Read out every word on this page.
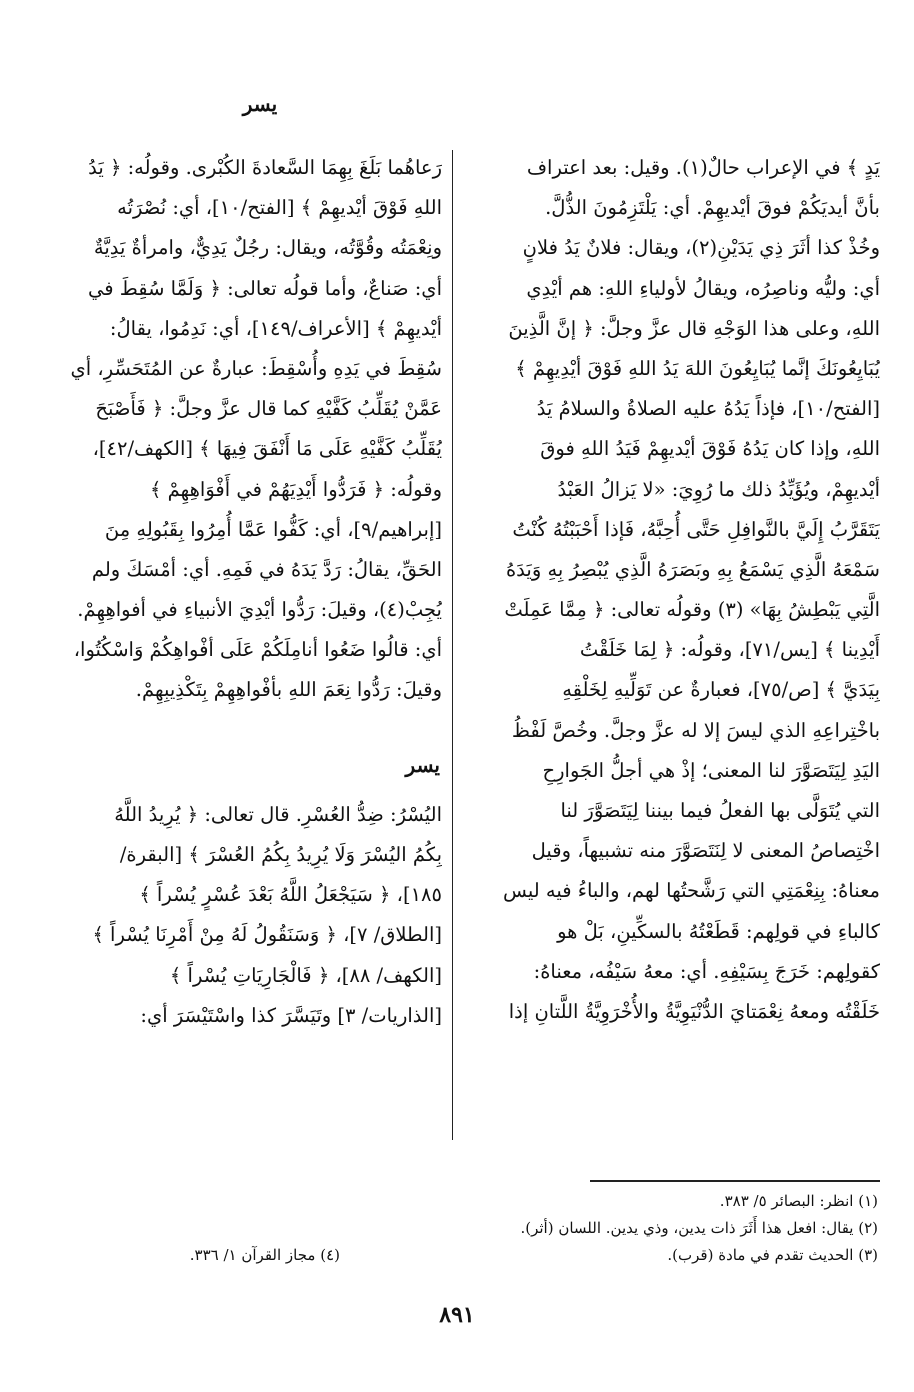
يسر
يَدٍ ﴾ في الإعراب حالٌ(١). وقيل: بعد اعتراف
بأنَّ أيديَكُمْ فوقَ أيْديهِمْ. أي: يَلْتَزِمُونَ الذُّلَّ.
وخُذْ كذا أثَرَ ذِي يَدَيْنِ(٢)، ويقال: فلانٌ يَدُ فلانٍ
أي: وليُّه وناصِرُه، ويقالُ لأولياءِ اللهِ: هم أيْدِي
اللهِ، وعلى هذا الوَجْهِ قال عزَّ وجلَّ: ﴿ إنَّ الَّذِينَ
يُبَايِعُونَكَ إنَّما يُبَايِعُونَ اللهَ يَدُ اللهِ فَوْقَ أيْدِيهِمْ ﴾
[الفتح/١٠]، فإذاً يَدُهُ عليه الصلاةُ والسلامُ يَدُ
اللهِ، وإذا كان يَدُهُ فَوْقَ أيْديهِمْ فَيَدُ اللهِ فوقَ
أيْديهِمْ، ويُؤَيِّدُ ذلك ما رُوِيَ: «لا يَزالُ العَبْدُ
يَتَقَرَّبُ إِلَيَّ بالنَّوافِلِ حَتَّى أُحِبَّهُ، فَإذا أَحْبَبْتُهُ كُنْتُ
سَمْعَهُ الَّذِي يَسْمَعُ بِهِ وبَصَرَهُ الَّذِي يُبْصِرُ بِهِ وَيَدَهُ
الَّتِي يَبْطِشُ بِهَا» (٣) وقولُه تعالى: ﴿ مِمَّا عَمِلَتْ
أَيْدِينا ﴾ [يس/٧١]، وقولُه: ﴿ لِمَا خَلَقْتُ
بِيَدَيَّ ﴾ [ص/٧٥]، فعبارةٌ عن تَوَلِّيهِ لِخَلْقِهِ
باخْتِراعِهِ الذي ليسَ إلا له عزَّ وجلَّ. وخُصَّ لَفْظُ
اليَدِ لِيَتَصَوَّرَ لنا المعنى؛ إذْ هي أجلُّ الجَوارِحِ
التي يُتَوَلَّى بها الفعلُ فيما بيننا لِيَتَصَوَّرَ لنا
اخْتِصاصُ المعنى لا لِنَتَصَوَّرَ منه تشبيهاً، وقيل
معناهُ: بِنِعْمَتِي التي رَشَّحتُها لهم، والباءُ فيه ليس
كالباءِ في قولِهم: قَطَعْتُهُ بالسكِّينِ، بَلْ هو
كقولِهم: خَرَجَ بِسَيْفِهِ. أي: معهُ سَيْفُه، معناهُ:
خَلَقْتُه ومعهُ نِعْمَتايَ الدُّنْيَوِيَّةُ والأُخْرَوِيَّةُ اللَّتانِ إذا
رَعاهُما بَلَغَ بِهِمَا السَّعادةَ الكُبْرى. وقولُه: ﴿ يَدُ
اللهِ فَوْقَ أيْديهِمْ ﴾ [الفتح/١٠]، أي: نُصْرَتُه
ونِعْمَتُه وقُوَّتُه، ويقال: رجُلٌ يَدِيٌّ، وامرأةٌ يَدِيَّةٌ
أي: صَناعٌ، وأما قولُه تعالى: ﴿ وَلَمَّا سُقِطَ في
أيْديهِمْ ﴾ [الأعراف/١٤٩]، أي: نَدِمُوا، يقالُ:
سُقِطَ في يَدِهِ وأُسْقِطَ: عبارةٌ عن المُتَحَسِّرِ، أي
عَمَّنْ يُقَلِّبُ كَفَّيْهِ كما قال عزَّ وجلَّ: ﴿ فَأَصْبَحَ
يُقَلِّبُ كَفَّيْهِ عَلَى مَا أَنْفَقَ فِيهَا ﴾ [الكهف/٤٢]،
وقولُه: ﴿ فَرَدُّوا أَيْدِيَهُمْ في أَفْوَاهِهِمْ ﴾
[إبراهيم/٩]، أي: كَفُّوا عَمَّا أُمِرُوا بِقَبُولِهِ مِنَ
الحَقِّ، يقالُ: رَدَّ يَدَهُ في فَمِهِ. أي: أمْسَكَ ولم
يُجِبْ(٤)، وقيلَ: رَدُّوا أيْدِيَ الأنبياءِ في أفواهِهِمْ.
أي: قالُوا ضَعُوا أنامِلَكُمْ عَلَى أفْواهِكُمْ وَاسْكُتُوا،
وقيلَ: رَدُّوا نِعَمَ اللهِ بأفْواهِهِمْ بِتَكْذِيبِهِمْ.
يسر
اليُسْرُ: ضِدُّ العُسْرِ. قال تعالى: ﴿ يُرِيدُ اللَّهُ
بِكُمُ اليُسْرَ وَلَا يُرِيدُ بِكُمُ العُسْرَ ﴾ [البقرة/
١٨٥]، ﴿ سَيَجْعَلُ اللَّهُ بَعْدَ عُسْرٍ يُسْراً ﴾
[الطلاق/ ٧]، ﴿ وَسَنَقُولُ لَهُ مِنْ أَمْرِنَا يُسْراً ﴾
[الكهف/ ٨٨]، ﴿ فَالْجَارِيَاتِ يُسْراً ﴾
[الذاريات/ ٣] وتَيَسَّرَ كذا واسْتَيْسَرَ أي:
(١) انظر: البصائر ٥/ ٣٨٣.
(٢) يقال: افعل هذا أَثَرَ ذات يدين، وذي يدين. اللسان (أثر).
(٣) الحديث تقدم في مادة (قرب).
(٤) مجاز القرآن ١/ ٣٣٦.
٨٩١
